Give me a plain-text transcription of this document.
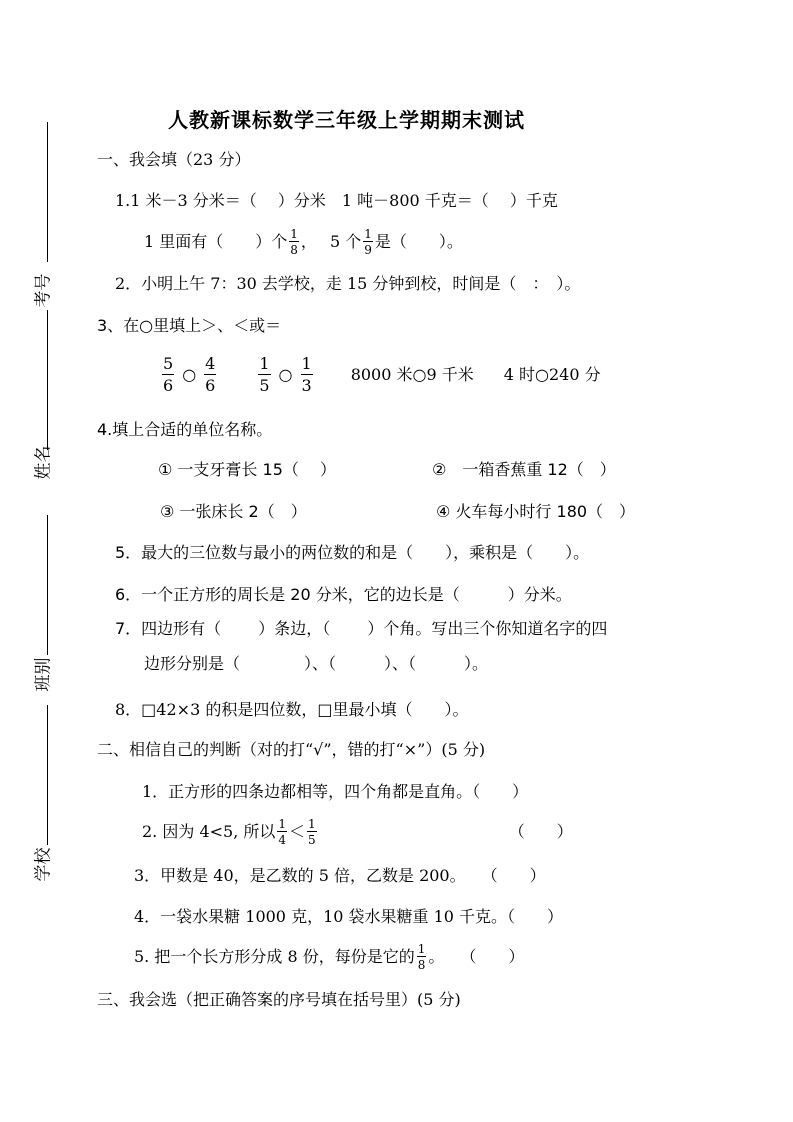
考号
姓名
班别
学校
人教新课标数学三年级上学期期末测试
一、我会填（23 分）
1.1 米－3 分米＝（　 ）分米　1 吨－800 千克＝（　 ）千克
1 里面有（　　）个 $\frac{1}{8}$ ，　 5 个 $\frac{1}{9}$ 是（　　）。
2．小明上午 7：30 去学校，走 15 分钟到校，时间是（　：　）。
3、在○里填上＞、＜或＝
$\frac{5}{6}$ ○ $\frac{4}{6}$	$\frac{1}{5}$ ○ $\frac{1}{3} 8000$ 米○9 千米 4 时○240 分
4.填上合适的单位名称。
① 一支牙膏长 15（　 ）	②　一箱香蕉重 12（　）
③ 一张床长 2（　）	④ 火车每小时行 180（　）
5．最大的三位数与最小的两位数的和是（　　），乘积是（　　）。
6．一个正方形的周长是 20 分米，它的边长是（　　　）分米。
7．四边形有（　　 ）条边，（　　 ）个角。写出三个你知道名字的四
边形分别是（　　　　）、（　　　）、（　　　）。
8．□42×3 的积是四位数，□里最小填（　　）。
二、相信自己的判断（对的打“√”，错的打“×”）(5 分)
1．正方形的四条边都相等，四个角都是直角。（　　）
2. 因为 4<5, 所以 $\frac{1}{4} < \frac{1}{5}$	（　　）
3．甲数是 40，是乙数的 5 倍，乙数是 200。　　（　　）
4．一袋水果糖 1000 克，10 袋水果糖重 10 千克。（　　）
5. 把一个长方形分成 8 份，每份是它的 $\frac{1}{8}$ 。　　（　　）
三、我会选（把正确答案的序号填在括号里）(5 分)
